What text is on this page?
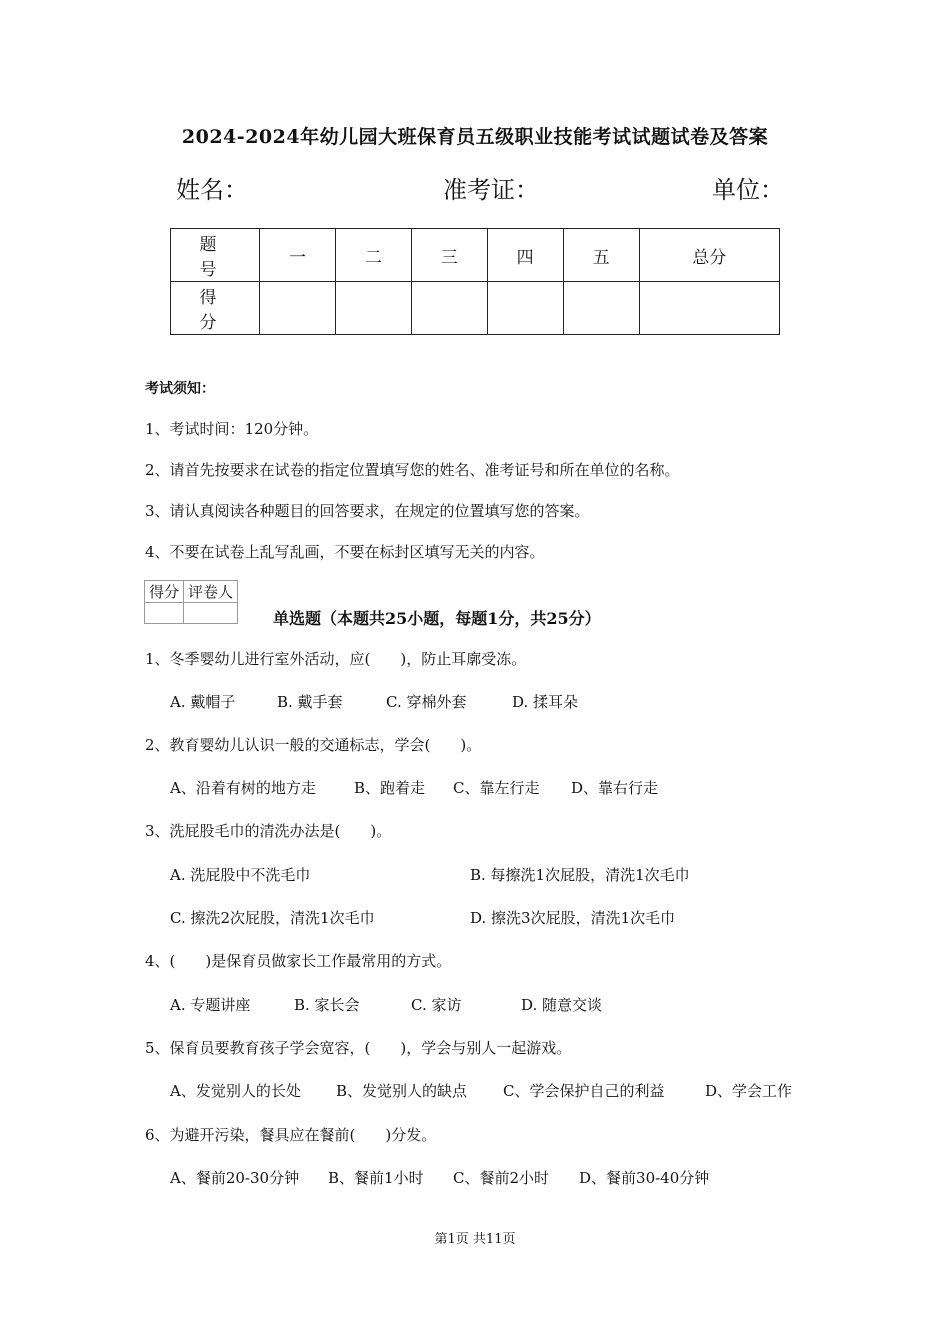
2024-2024年幼儿园大班保育员五级职业技能考试试题试卷及答案
姓名：	准考证：	单位：
题　号	一	二	三	四	五	总分
得　分						
考试须知：
1、考试时间：120分钟。
2、请首先按要求在试卷的指定位置填写您的姓名、准考证号和所在单位的名称。
3、请认真阅读各种题目的回答要求，在规定的位置填写您的答案。
4、不要在试卷上乱写乱画，不要在标封区填写无关的内容。
得分	评卷人

单选题（本题共25小题，每题1分，共25分）
1、冬季婴幼儿进行室外活动，应(　　)，防止耳廓受冻。
A. 戴帽子	B. 戴手套	C. 穿棉外套	D. 揉耳朵
2、教育婴幼儿认识一般的交通标志，学会(　　)。
A、沿着有树的地方走	B、跑着走 C、靠左行走 D、靠右行走
3、洗屁股毛巾的清洗办法是(　　)。
A. 洗屁股中不洗毛巾	B. 每擦洗1次屁股，清洗1次毛巾
C. 擦洗2次屁股，清洗1次毛巾	D. 擦洗3次屁股，清洗1次毛巾
4、(　　)是保育员做家长工作最常用的方式。
A. 专题讲座	B. 家长会	C. 家访	D. 随意交谈
5、保育员要教育孩子学会宽容，(　　)，学会与别人一起游戏。
A、发觉别人的长处 B、发觉别人的缺点 C、学会保护自己的利益	D、学会工作
6、为避开污染，餐具应在餐前(　　)分发。
A、餐前20-30分钟 B、餐前1小时 C、餐前2小时 D、餐前30-40分钟
第1页 共11页
